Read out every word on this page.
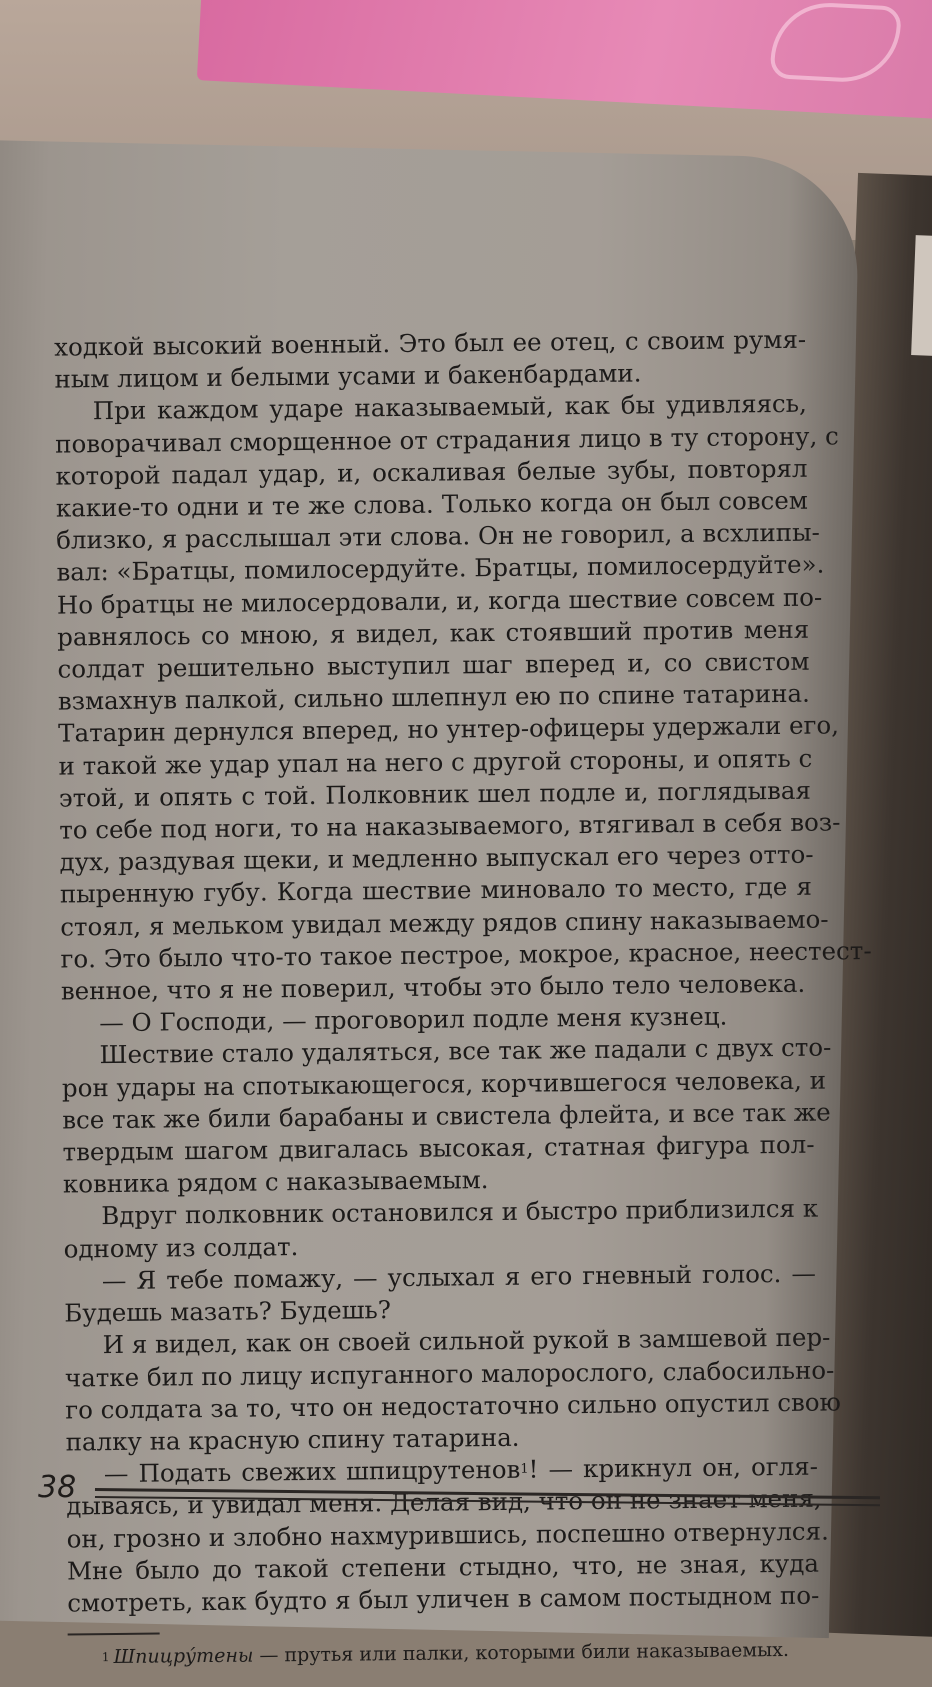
ходкой высокий военный. Это был ее отец, с своим румя-
ным лицом и белыми усами и бакенбардами.
При каждом ударе наказываемый, как бы удивляясь,
поворачивал сморщенное от страдания лицо в ту сторону, с
которой падал удар, и, оскаливая белые зубы, повторял
какие-то одни и те же слова. Только когда он был совсем
близко, я расслышал эти слова. Он не говорил, а всхлипы-
вал: «Братцы, помилосердуйте. Братцы, помилосердуйте».
Но братцы не милосердовали, и, когда шествие совсем по-
равнялось со мною, я видел, как стоявший против меня
солдат решительно выступил шаг вперед и, со свистом
взмахнув палкой, сильно шлепнул ею по спине татарина.
Татарин дернулся вперед, но унтер-офицеры удержали его,
и такой же удар упал на него с другой стороны, и опять с
этой, и опять с той. Полковник шел подле и, поглядывая
то себе под ноги, то на наказываемого, втягивал в себя воз-
дух, раздувая щеки, и медленно выпускал его через отто-
пыренную губу. Когда шествие миновало то место, где я
стоял, я мельком увидал между рядов спину наказываемо-
го. Это было что-то такое пестрое, мокрое, красное, неестест-
венное, что я не поверил, чтобы это было тело человека.
— О Господи, — проговорил подле меня кузнец.
Шествие стало удаляться, все так же падали с двух сто-
рон удары на спотыкающегося, корчившегося человека, и
все так же били барабаны и свистела флейта, и все так же
твердым шагом двигалась высокая, статная фигура пол-
ковника рядом с наказываемым.
Вдруг полковник остановился и быстро приблизился к
одному из солдат.
— Я тебе помажу, — услыхал я его гневный голос. —
Будешь мазать? Будешь?
И я видел, как он своей сильной рукой в замшевой пер-
чатке бил по лицу испуганного малорослого, слабосильно-
го солдата за то, что он недостаточно сильно опустил свою
палку на красную спину татарина.
— Подать свежих шпицрутенов$^1$! — крикнул он, огля-
дываясь, и увидал меня. Делая вид, что он не знает меня,
он, грозно и злобно нахмурившись, поспешно отвернулся.
Мне было до такой степени стыдно, что, не зная, куда
смотреть, как будто я был уличен в самом постыдном по-
$^1$ Шпицру́тены — прутья или палки, которыми били наказываемых.
38
